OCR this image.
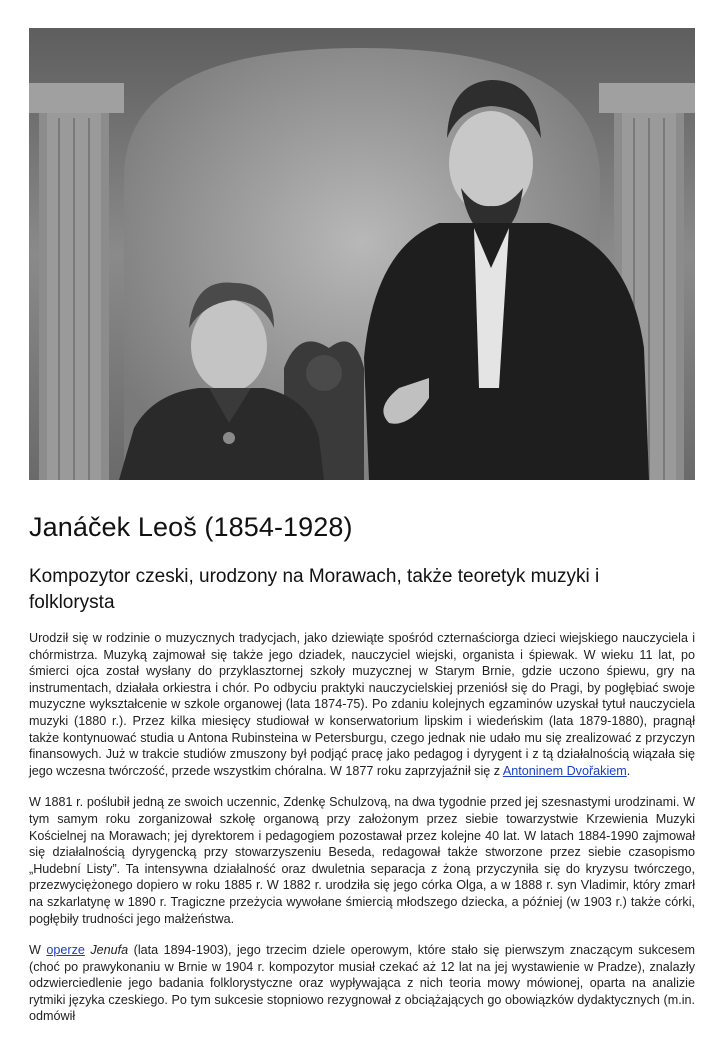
Janáček Leoš (1854-1928)
Kompozytor czeski, urodzony na Morawach, także teoretyk muzyki i folklorysta

Urodził się w rodzinie o muzycznych tradycjach, jako dziewiąte spośród czternaściorga dzieci wiejskiego nauczyciela i chórmistrza. Muzyką zajmował się także jego dziadek, nauczyciel wiejski, organista i śpiewak. W wieku 11 lat, po śmierci ojca został wysłany do przyklasztornej szkoły muzycznej w Starym Brnie, gdzie uczono śpiewu, gry na instrumentach, działała orkiestra i chór. Po odbyciu praktyki nauczycielskiej przeniósł się do Pragi, by pogłębiać swoje muzyczne wykształcenie w szkole organowej (lata 1874-75). Po zdaniu kolejnych egzaminów uzyskał tytuł nauczyciela muzyki (1880 r.). Przez kilka miesięcy studiował w konserwatorium lipskim i wiedeńskim (lata 1879-1880), pragnął także kontynuować studia u Antona Rubinsteina w Petersburgu, czego jednak nie udało mu się zrealizować z przyczyn finansowych. Już w trakcie studiów zmuszony był podjąć pracę jako pedagog i dyrygent i z tą działalnością wiązała się jego wczesna twórczość, przede wszystkim chóralna. W 1877 roku zaprzyjaźnił się z Antoninem Dvořakiem.

W 1881 r. poślubił jedną ze swoich uczennic, Zdenkę Schulzovą, na dwa tygodnie przed jej szesnastymi urodzinami. W tym samym roku zorganizował szkołę organową przy założonym przez siebie towarzystwie Krzewienia Muzyki Kościelnej na Morawach; jej dyrektorem i pedagogiem pozostawał przez kolejne 40 lat. W latach 1884-1990 zajmował się działalnością dyrygencką przy stowarzyszeniu Beseda, redagował także stworzone przez siebie czasopismo „Hudební Listy”. Ta intensywna działalność oraz dwuletnia separacja z żoną przyczyniła się do kryzysu twórczego, przezwyciężonego dopiero w roku 1885 r. W 1882 r. urodziła się jego córka Olga, a w 1888 r. syn Vladimir, który zmarł na szkarlatynę w 1890 r. Tragiczne przeżycia wywołane śmiercią młodszego dziecka, a później (w 1903 r.) także córki, pogłębiły trudności jego małżeństwa.

W operze Jenufa (lata 1894-1903), jego trzecim dziele operowym, które stało się pierwszym znaczącym sukcesem (choć po prawykonaniu w Brnie w 1904 r. kompozytor musiał czekać aż 12 lat na jej wystawienie w Pradze), znalazły odzwierciedlenie jego badania folklorystyczne oraz wypływająca z nich teoria mowy mówionej, oparta na analizie rytmiki języka czeskiego. Po tym sukcesie stopniowo rezygnował z obciążających go obowiązków dydaktycznych (m.in. odmówił
